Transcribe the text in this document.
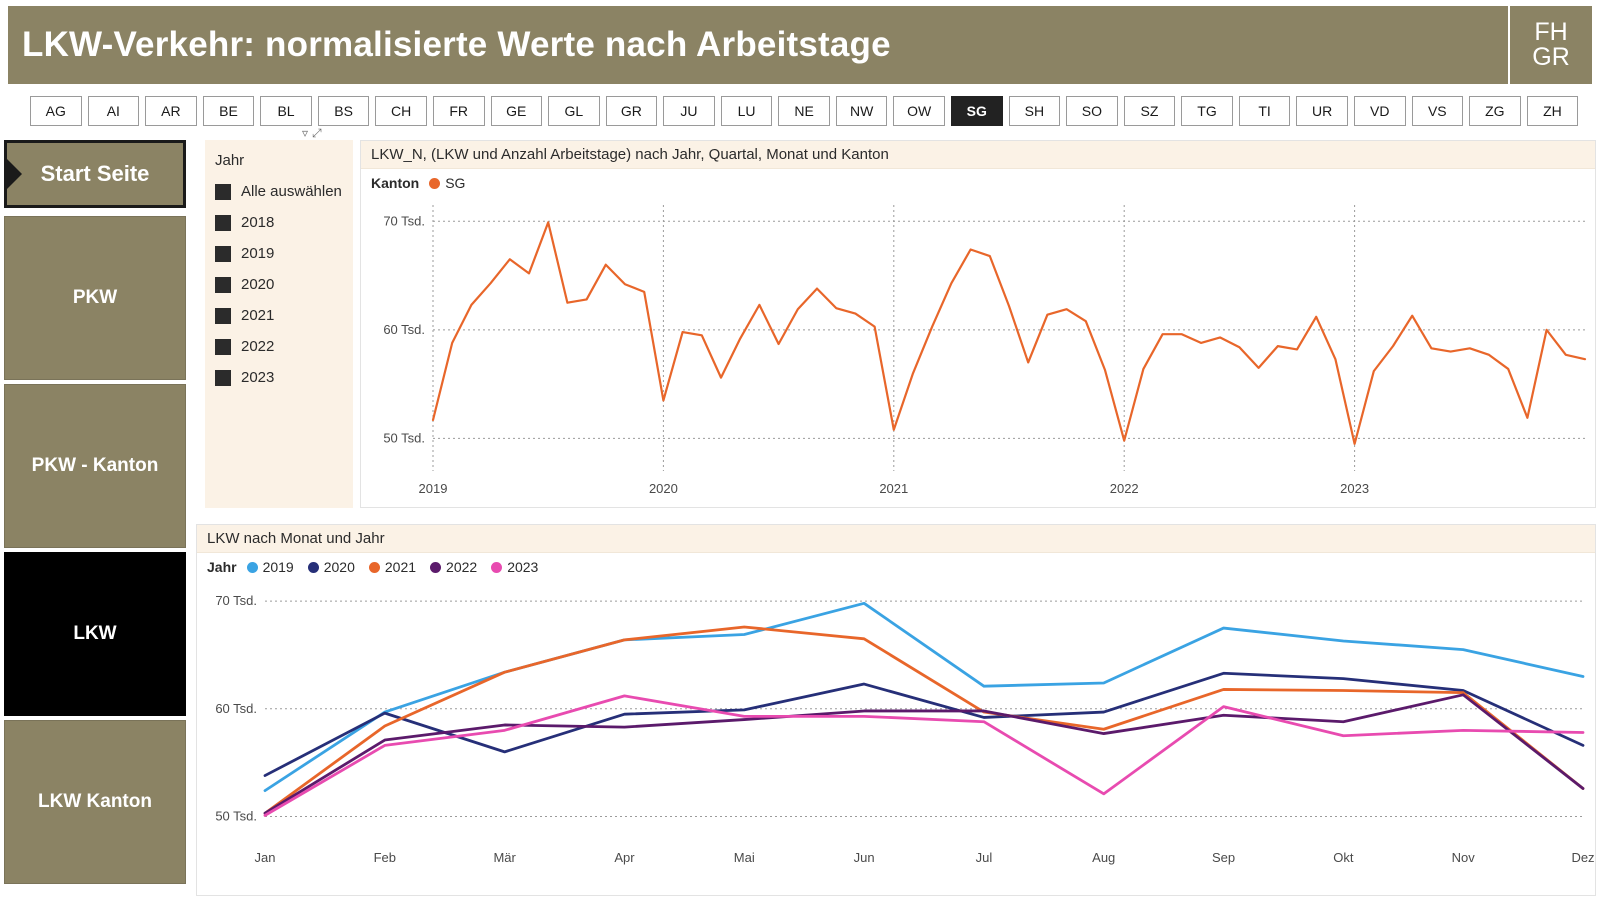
LKW-Verkehr: normalisierte Werte nach Arbeitstage	FH
GR
AG	AI	AR	BE	BL	BS	CH	FR	GE	GL	GR	JU	LU	NE	NW	OW	SG	SH	SO	SZ	TG	TI	UR	VD	VS	ZG	ZH
▿⤢
Start Seite
PKW
PKW - Kanton
LKW
LKW Kanton
Jahr
Alle auswählen
2018
2019
2020
2021
2022
2023
LKW_N, (LKW und Anzahl Arbeitstage) nach Jahr, Quartal, Monat und Kanton
Kanton SG
50 Tsd.
60 Tsd.
70 Tsd.
2019	2020	2021	2022	2023
LKW nach Monat und Jahr
Jahr 2019 2020 2021 2022 2023
50 Tsd.
60 Tsd.
70 Tsd.
Jan	Feb	Mär	Apr	Mai	Jun	Jul	Aug	Sep	Okt	Nov	Dez
